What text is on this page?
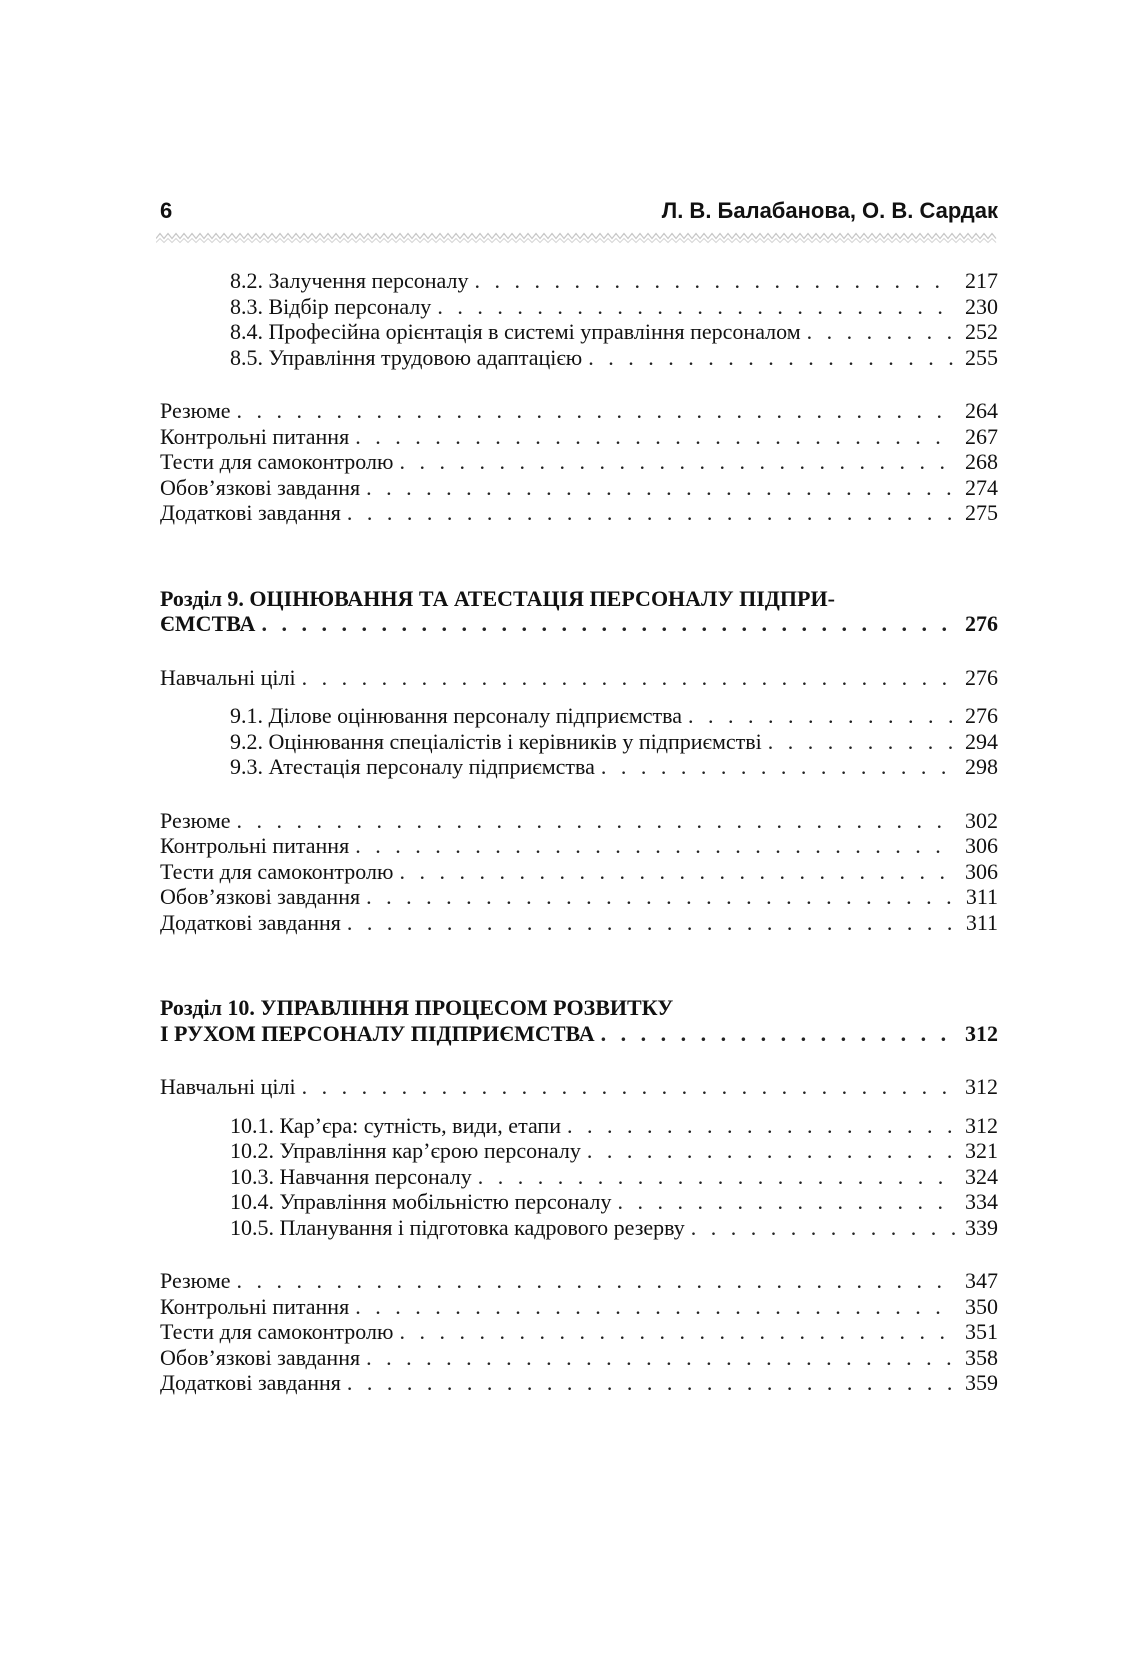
6	Л. В. Балабанова, О. В. Сардак
8.2. Залучення персоналу . . .	217
8.3. Відбір персоналу . . .	230
8.4. Професійна орієнтація в системі управління персоналом . . .	252
8.5. Управління трудовою адаптацією . . .	255
Резюме . . .	264
Контрольні питання . . .	267
Тести для самоконтролю . . .	268
Обов’язкові завдання . . .	274
Додаткові завдання . . .	275
Розділ 9. ОЦІНЮВАННЯ ТА АТЕСТАЦІЯ ПЕРСОНАЛУ ПІДПРИ-
ЄМСТВА . . .	276
Навчальні цілі . . .	276
9.1. Ділове оцінювання персоналу підприємства . . .	276
9.2. Оцінювання спеціалістів і керівників у підприємстві . . .	294
9.3. Атестація персоналу підприємства . . .	298
Резюме . . .	302
Контрольні питання . . .	306
Тести для самоконтролю . . .	306
Обов’язкові завдання . . .	311
Додаткові завдання . . .	311
Розділ 10. УПРАВЛІННЯ ПРОЦЕСОМ РОЗВИТКУ
І РУХОМ ПЕРСОНАЛУ ПІДПРИЄМСТВА . . .	312
Навчальні цілі . . .	312
10.1. Кар’єра: сутність, види, етапи . . .	312
10.2. Управління кар’єрою персоналу . . .	321
10.3. Навчання персоналу . . .	324
10.4. Управління мобільністю персоналу . . .	334
10.5. Планування і підготовка кадрового резерву . . .	339
Резюме . . .	347
Контрольні питання . . .	350
Тести для самоконтролю . . .	351
Обов’язкові завдання . . .	358
Додаткові завдання . . .	359
